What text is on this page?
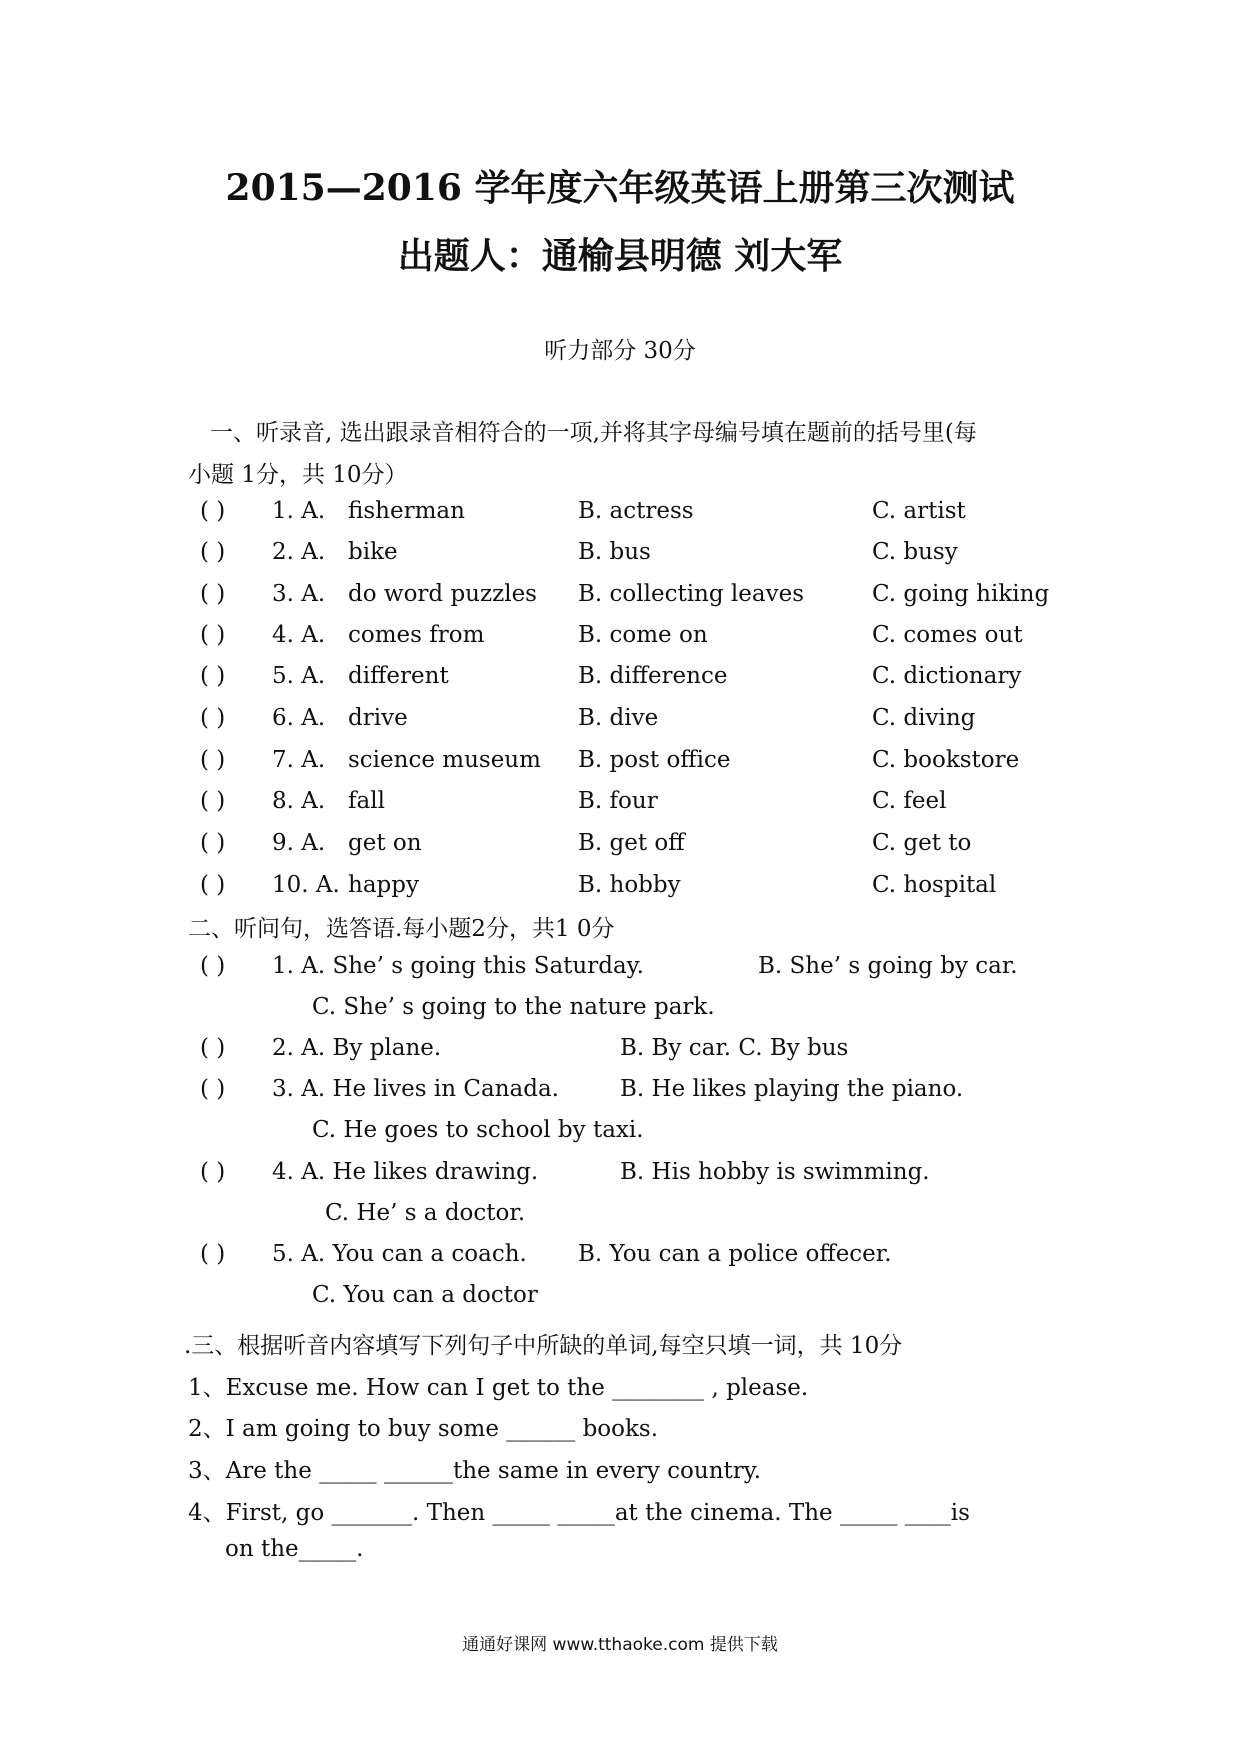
2015—2016 学年度六年级英语上册第三次测试
出题人：通榆县明德 刘大军
听力部分 30分
一、听录音, 选出跟录音相符合的一项,并将其字母编号填在题前的括号里(每
小题 1分，共 10分）
( ) 1. A. fisherman	B. actress	C. artist
( ) 2. A. bike	B. bus	C. busy
( ) 3. A. do word puzzles B. collecting leaves	C. going hiking
( ) 4. A. comes from	B. come on	C. comes out
( ) 5. A. different	B. difference	C. dictionary
( ) 6. A. drive	B. dive	C. diving
( ) 7. A. science museum B. post office	C. bookstore
( ) 8. A. fall	B. four	C. feel
( ) 9. A. get on	B. get off	C. get to
( ) 10. A. happy	B. hobby	C. hospital
二、听问句，选答语.每小题2分，共1 0分
( ) 1. A. She’ s going this Saturday.	B. She’ s going by car.
C. She’ s going to the nature park.
( ) 2. A. By plane.	B. By car. C. By bus
( ) 3. A. He lives in Canada.	B. He likes playing the piano.
C. He goes to school by taxi.
( ) 4. A. He likes drawing.	B. His hobby is swimming.
C. He’ s a doctor.
( ) 5. A. You can a coach. B. You can a police offecer.
C. You can a doctor
.三、根据听音内容填写下列句子中所缺的单词,每空只填一词，共 10分
1、Excuse me. How can I get to the ________ , please.
2、I am going to buy some ______ books.
3、Are the _____ ______the same in every country.
4、First, go _______. Then _____ _____at the cinema. The _____ ____is
on the_____.
通通好课网 www.tthaoke.com 提供下载
